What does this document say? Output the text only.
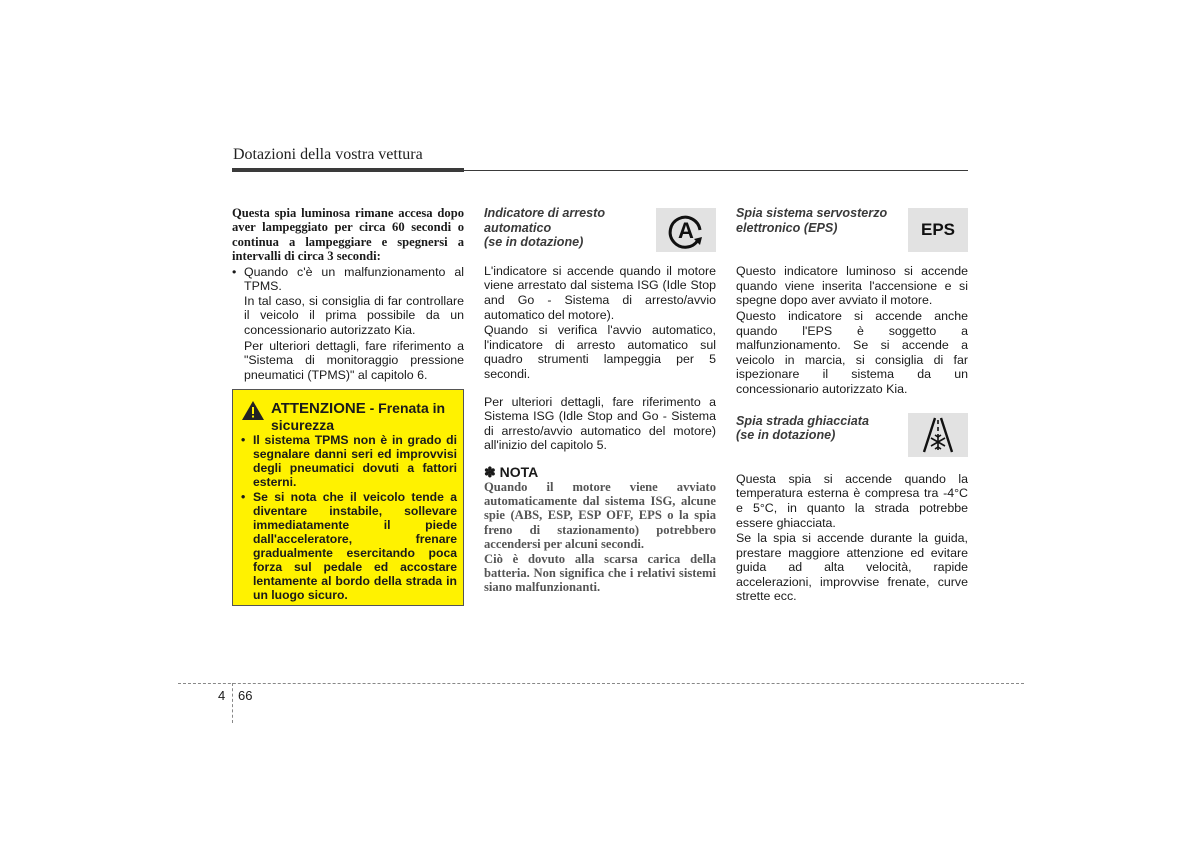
Dotazioni della vostra vettura

Questa spia luminosa rimane accesa dopo aver lampeggiato per circa 60 secondi o continua a lampeggiare e spegnersi a intervalli di circa 3 secondi:

• Quando c'è un malfunzionamento al TPMS.

In tal caso, si consiglia di far controllare il veicolo il prima possibile da un concessionario autorizzato Kia.

Per ulteriori dettagli, fare riferimento a "Sistema di monitoraggio pressione pneumatici (TPMS)" al capitolo 6.

ATTENZIONE - Frenata in sicurezza
• Il sistema TPMS non è in grado di segnalare danni seri ed improvvisi degli pneumatici dovuti a fattori esterni.
• Se si nota che il veicolo tende a diventare instabile, sollevare immediatamente il piede dall'acceleratore, frenare gradualmente esercitando poca forza sul pedale ed accostare lentamente al bordo della strada in un luogo sicuro.
Indicatore di arresto
automatico
(se in dotazione)

L'indicatore si accende quando il motore viene arrestato dal sistema ISG (Idle Stop and Go - Sistema di arresto/avvio automatico del motore).

Quando si verifica l'avvio automatico, l'indicatore di arresto automatico sul quadro strumenti lampeggia per 5 secondi.

Per ulteriori dettagli, fare riferimento a Sistema ISG (Idle Stop and Go - Sistema di arresto/avvio automatico del motore) all'inizio del capitolo 5.

✽ NOTA

Quando il motore viene avviato automaticamente dal sistema ISG, alcune spie (ABS, ESP, ESP OFF, EPS o la spia freno di stazionamento) potrebbero accendersi per alcuni secondi.

Ciò è dovuto alla scarsa carica della batteria. Non significa che i relativi sistemi siano malfunzionanti.

A
Spia sistema servosterzo
elettronico (EPS)

Questo indicatore luminoso si accende quando viene inserita l'accensione e si spegne dopo aver avviato il motore.

Questo indicatore si accende anche quando l'EPS è soggetto a malfunzionamento. Se si accende a veicolo in marcia, si consiglia di far ispezionare il sistema da un concessionario autorizzato Kia.

Spia strada ghiacciata
(se in dotazione)

Questa spia si accende quando la temperatura esterna è compresa tra -4°C e 5°C, in quanto la strada potrebbe essere ghiacciata.

Se la spia si accende durante la guida, prestare maggiore attenzione ed evitare guida ad alta velocità, rapide accelerazioni, improvvise frenate, curve strette ecc.

EPS
4 66
